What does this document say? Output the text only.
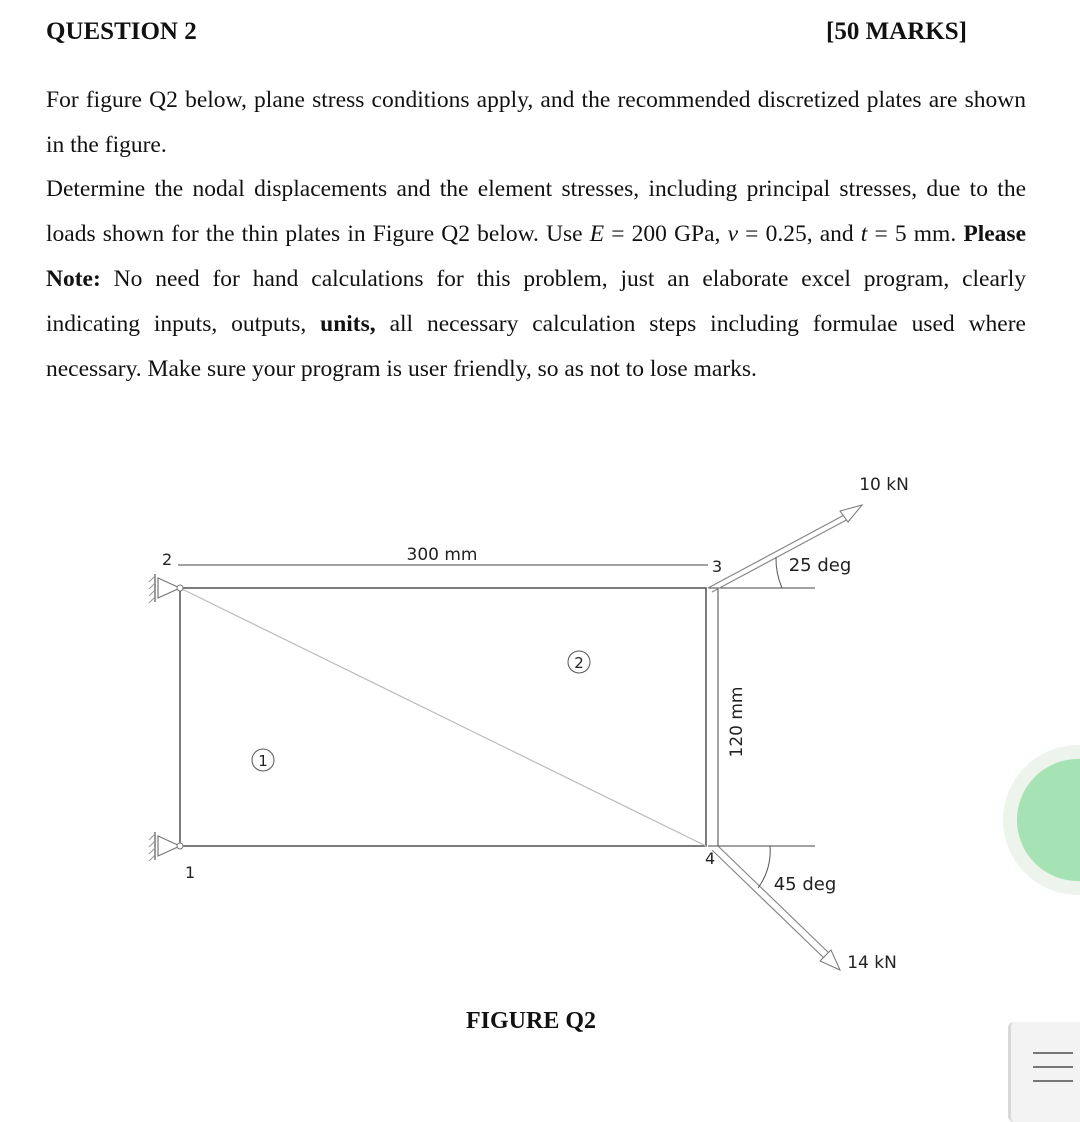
QUESTION 2	[50 MARKS]

For figure Q2 below, plane stress conditions apply, and the recommended discretized plates are shown in the figure.

Determine the nodal displacements and the element stresses, including principal stresses, due to the loads shown for the thin plates in Figure Q2 below. Use E = 200 GPa, v = 0.25, and t = 5 mm. Please Note: No need for hand calculations for this problem, just an elaborate excel program, clearly indicating inputs, outputs, units, all necessary calculation steps including formulae used where necessary. Make sure your program is user friendly, so as not to lose marks.

300 mm
120 mm
1
2	3
4
1
2
10 kN
25 deg
45 deg
14 kN
FIGURE Q2
